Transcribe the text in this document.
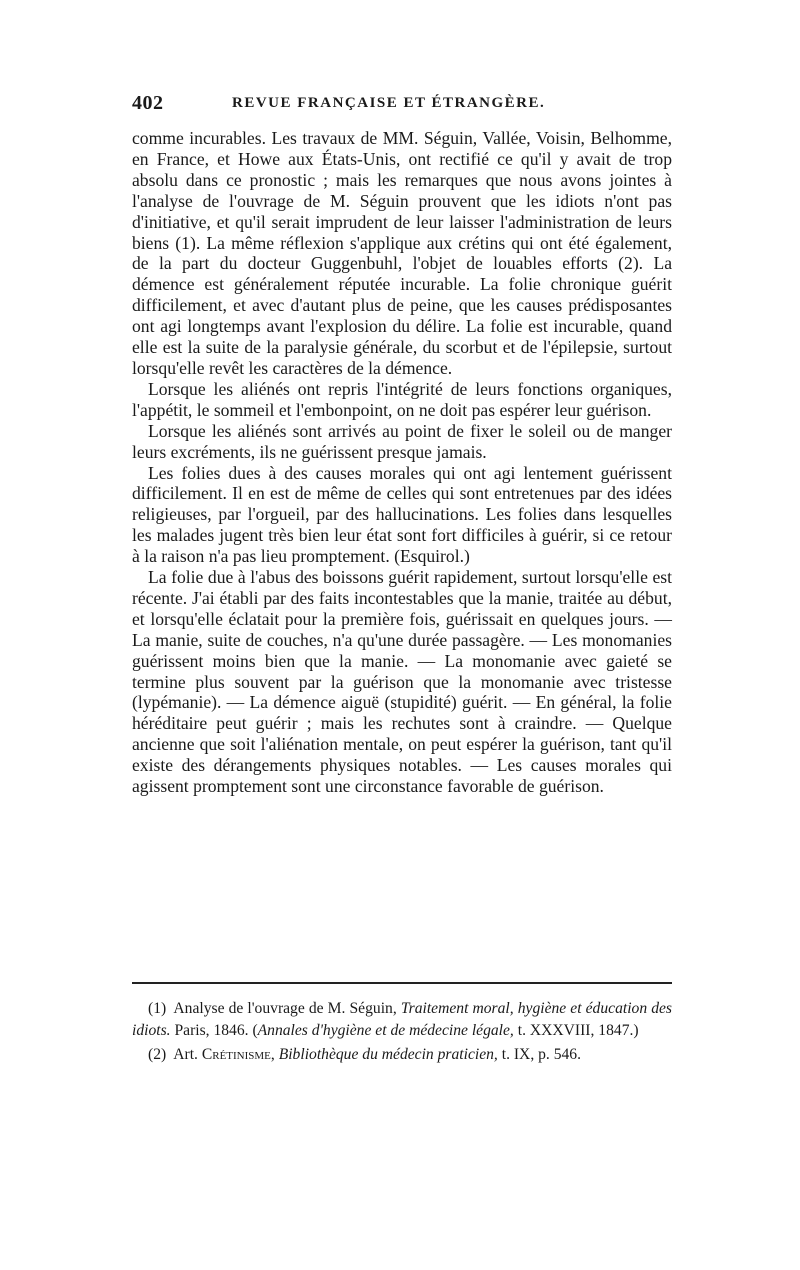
402	REVUE FRANÇAISE ET ÉTRANGÈRE.

comme incurables. Les travaux de MM. Séguin, Vallée, Voisin, Belhomme, en France, et Howe aux États-Unis, ont rectifié ce qu'il y avait de trop absolu dans ce pronostic ; mais les remarques que nous avons jointes à l'analyse de l'ouvrage de M. Séguin prouvent que les idiots n'ont pas d'initiative, et qu'il serait imprudent de leur laisser l'administration de leurs biens (1). La même réflexion s'applique aux crétins qui ont été également, de la part du docteur Guggenbuhl, l'objet de louables efforts (2). La démence est généralement réputée incurable. La folie chronique guérit difficilement, et avec d'autant plus de peine, que les causes prédisposantes ont agi longtemps avant l'explosion du délire. La folie est incurable, quand elle est la suite de la paralysie générale, du scorbut et de l'épilepsie, surtout lorsqu'elle revêt les caractères de la démence.

Lorsque les aliénés ont repris l'intégrité de leurs fonctions organiques, l'appétit, le sommeil et l'embonpoint, on ne doit pas espérer leur guérison.

Lorsque les aliénés sont arrivés au point de fixer le soleil ou de manger leurs excréments, ils ne guérissent presque jamais.

Les folies dues à des causes morales qui ont agi lentement guérissent difficilement. Il en est de même de celles qui sont entretenues par des idées religieuses, par l'orgueil, par des hallucinations. Les folies dans lesquelles les malades jugent très bien leur état sont fort difficiles à guérir, si ce retour à la raison n'a pas lieu promptement. (Esquirol.)

La folie due à l'abus des boissons guérit rapidement, surtout lorsqu'elle est récente. J'ai établi par des faits incontestables que la manie, traitée au début, et lorsqu'elle éclatait pour la première fois, guérissait en quelques jours. — La manie, suite de couches, n'a qu'une durée passagère. — Les monomanies guérissent moins bien que la manie. — La monomanie avec gaieté se termine plus souvent par la guérison que la monomanie avec tristesse (lypémanie). — La démence aiguë (stupidité) guérit. — En général, la folie héréditaire peut guérir ; mais les rechutes sont à craindre. — Quelque ancienne que soit l'aliénation mentale, on peut espérer la guérison, tant qu'il existe des dérangements physiques notables. — Les causes morales qui agissent promptement sont une circonstance favorable de guérison.

(1) Analyse de l'ouvrage de M. Séguin, Traitement moral, hygiène et éducation des idiots. Paris, 1846. (Annales d'hygiène et de médecine légale, t. XXXVIII, 1847.)

(2) Art. Crétinisme, Bibliothèque du médecin praticien, t. IX, p. 546.
